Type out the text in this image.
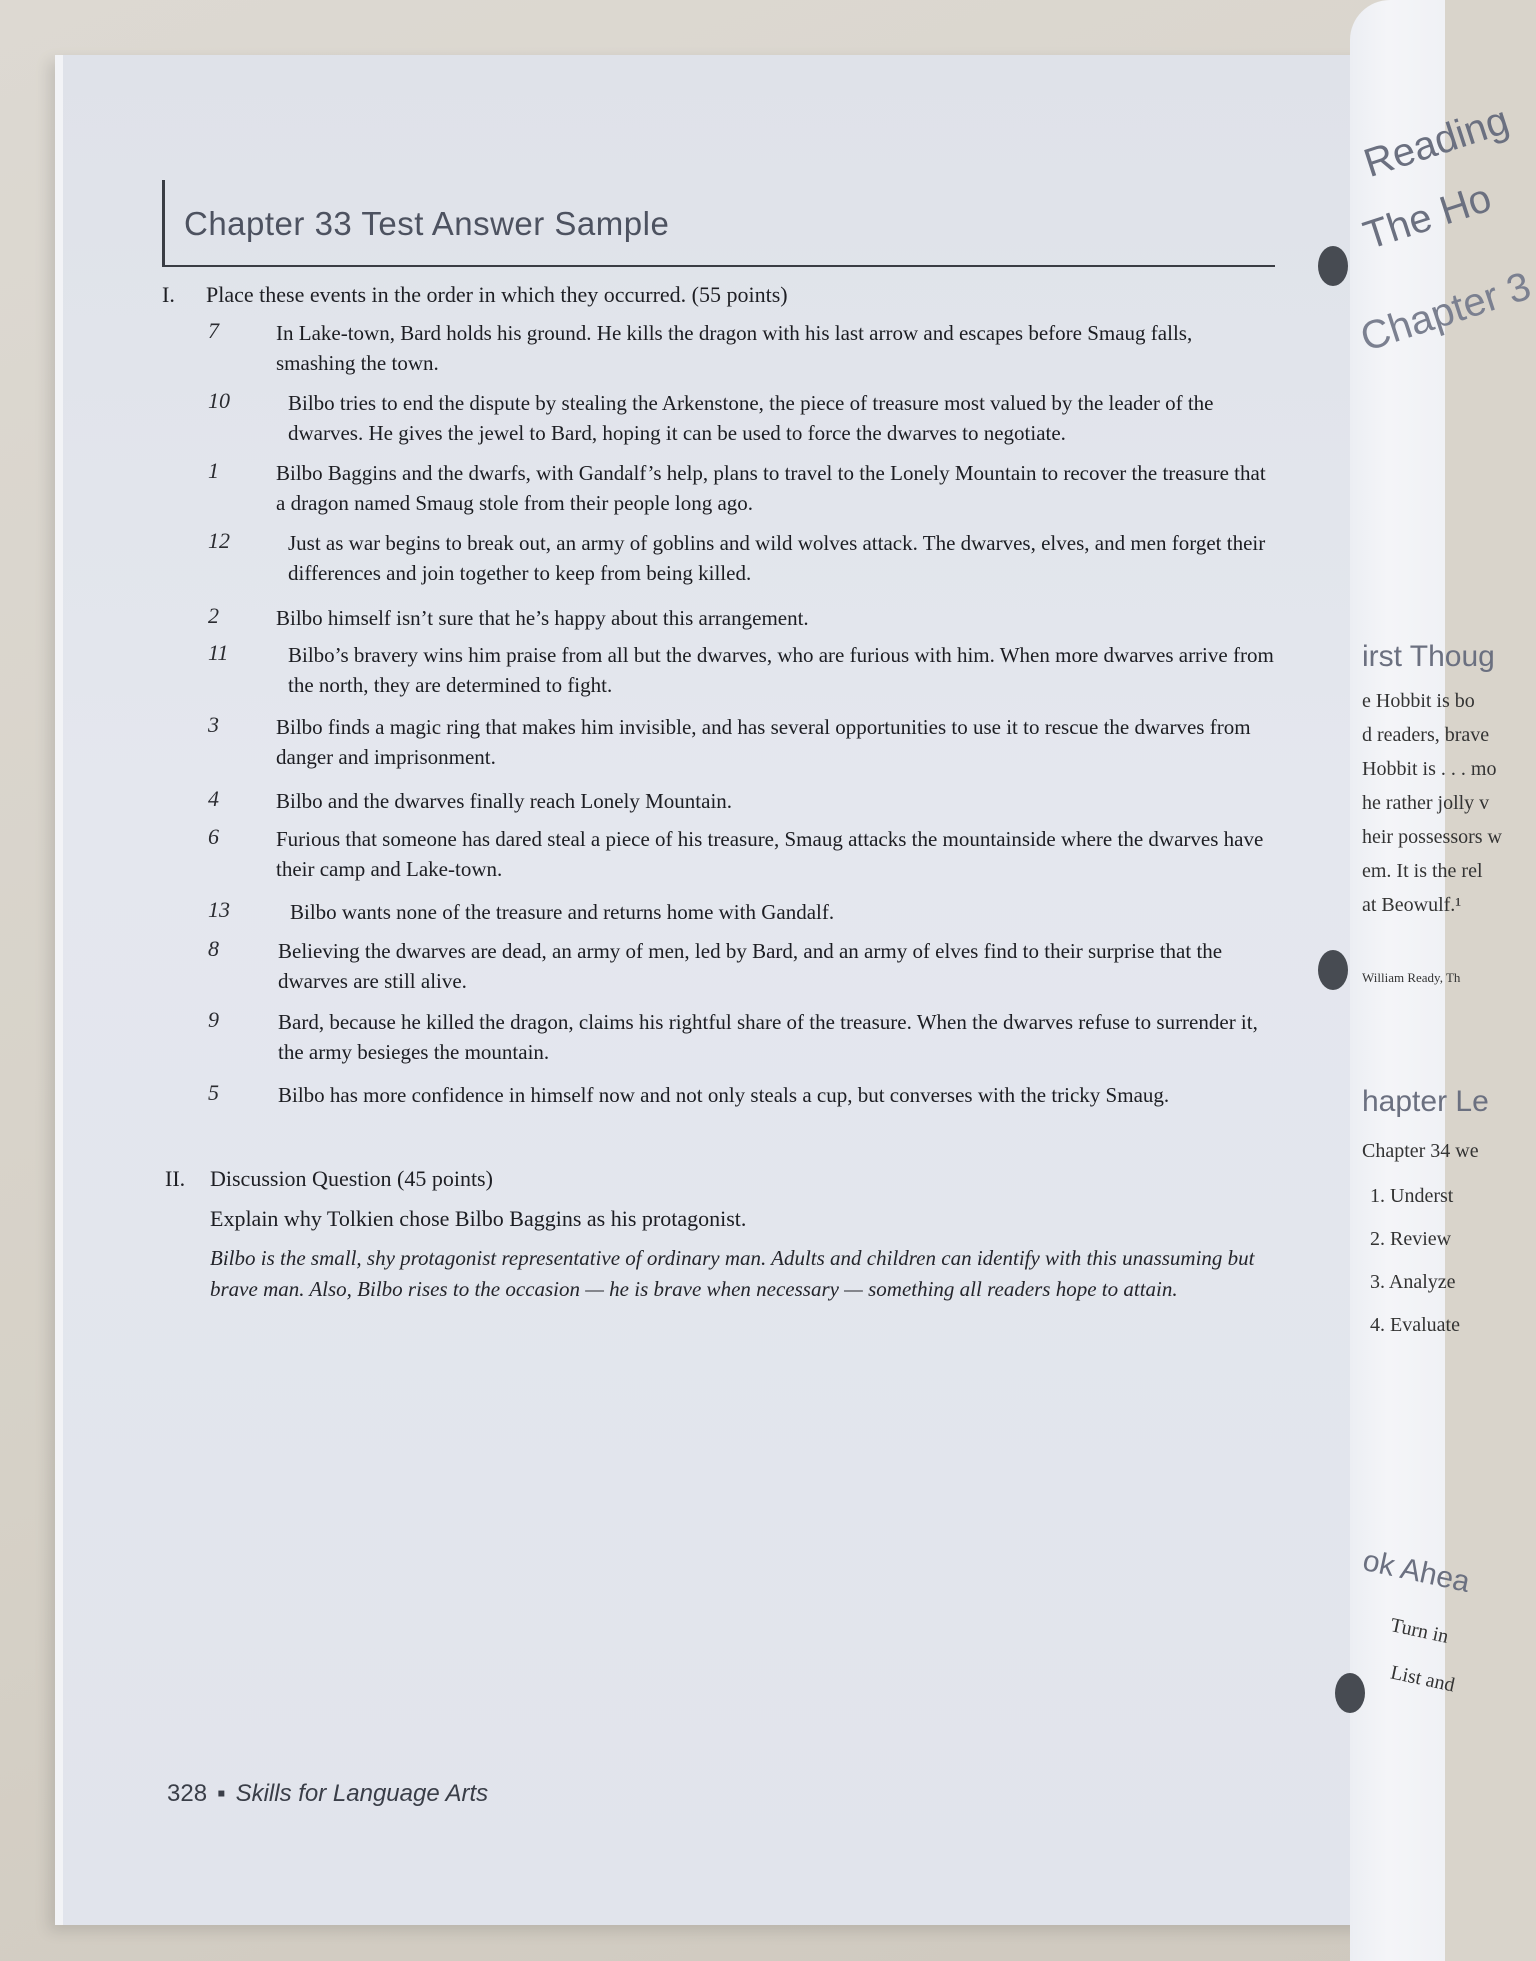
Reading
The Ho
Chapter 3
irst Thoug
e Hobbit is bo
d readers, brave
Hobbit is . . . mo
he rather jolly v
heir possessors w
em. It is the rel
at Beowulf.¹
William Ready, Th
hapter Le
Chapter 34 we
1. Underst
2. Review
3. Analyze
4. Evaluate
ok Ahea
Turn in
List and
Chapter 33 Test Answer Sample
I. Place these events in the order in which they occurred. (55 points)
7	In Lake-town, Bard holds his ground. He kills the dragon with his last arrow and escapes before Smaug falls, smashing the town.
10	Bilbo tries to end the dispute by stealing the Arkenstone, the piece of treasure most valued by the leader of the dwarves. He gives the jewel to Bard, hoping it can be used to force the dwarves to negotiate.
1	Bilbo Baggins and the dwarfs, with Gandalf’s help, plans to travel to the Lonely Mountain to recover the treasure that a dragon named Smaug stole from their people long ago.
12	Just as war begins to break out, an army of goblins and wild wolves attack. The dwarves, elves, and men forget their differences and join together to keep from being killed.
2	Bilbo himself isn’t sure that he’s happy about this arrangement.
11	Bilbo’s bravery wins him praise from all but the dwarves, who are furious with him. When more dwarves arrive from the north, they are determined to fight.
3	Bilbo finds a magic ring that makes him invisible, and has several opportunities to use it to rescue the dwarves from danger and imprisonment.
4	Bilbo and the dwarves finally reach Lonely Mountain.
6	Furious that someone has dared steal a piece of his treasure, Smaug attacks the mountainside where the dwarves have their camp and Lake-town.
13	Bilbo wants none of the treasure and returns home with Gandalf.
8	Believing the dwarves are dead, an army of men, led by Bard, and an army of elves find to their surprise that the dwarves are still alive.
9	Bard, because he killed the dragon, claims his rightful share of the treasure. When the dwarves refuse to surrender it, the army besieges the mountain.
5	Bilbo has more confidence in himself now and not only steals a cup, but converses with the tricky Smaug.
II. Discussion Question (45 points)
Explain why Tolkien chose Bilbo Baggins as his protagonist.
Bilbo is the small, shy protagonist representative of ordinary man. Adults and children can identify with this unassuming but brave man. Also, Bilbo rises to the occasion — he is brave when necessary — something all readers hope to attain.
328 ▪ Skills for Language Arts
